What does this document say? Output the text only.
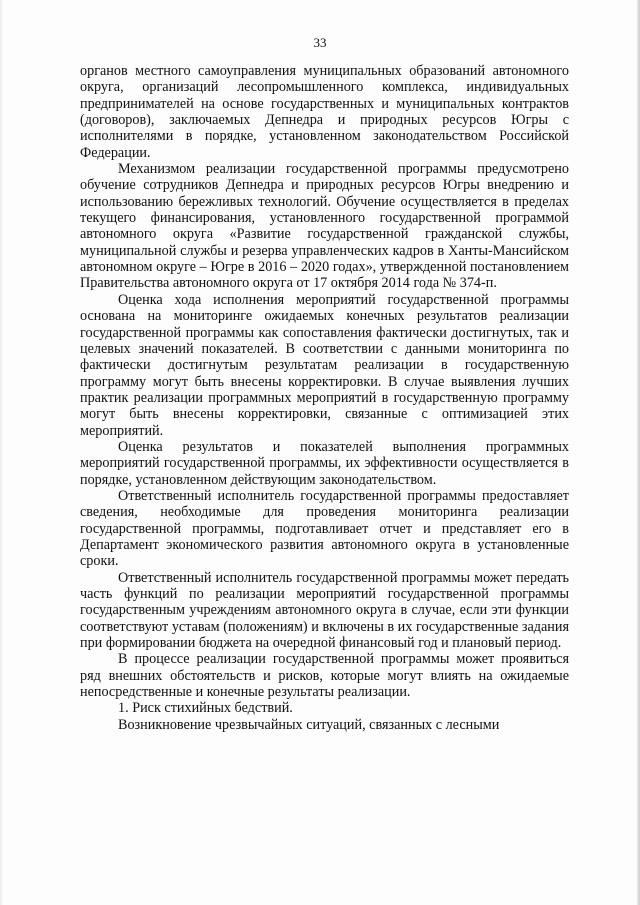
33

органов местного самоуправления муниципальных образований автономного округа, организаций лесопромышленного комплекса, индивидуальных предпринимателей на основе государственных и муниципальных контрактов (договоров), заключаемых Депнедра и природных ресурсов Югры с исполнителями в порядке, установленном законодательством Российской Федерации.

Механизмом реализации государственной программы предусмотрено обучение сотрудников Депнедра и природных ресурсов Югры внедрению и использованию бережливых технологий. Обучение осуществляется в пределах текущего финансирования, установленного государственной программой автономного округа «Развитие государственной гражданской службы, муниципальной службы и резерва управленческих кадров в Ханты-Мансийском автономном округе – Югре в 2016 – 2020 годах», утвержденной постановлением Правительства автономного округа от 17 октября 2014 года № 374-п.

Оценка хода исполнения мероприятий государственной программы основана на мониторинге ожидаемых конечных результатов реализации государственной программы как сопоставления фактически достигнутых, так и целевых значений показателей. В соответствии с данными мониторинга по фактически достигнутым результатам реализации в государственную программу могут быть внесены корректировки. В случае выявления лучших практик реализации программных мероприятий в государственную программу могут быть внесены корректировки, связанные с оптимизацией этих мероприятий.

Оценка результатов и показателей выполнения программных мероприятий государственной программы, их эффективности осуществляется в порядке, установленном действующим законодательством.

Ответственный исполнитель государственной программы предоставляет сведения, необходимые для проведения мониторинга реализации государственной программы, подготавливает отчет и представляет его в Департамент экономического развития автономного округа в установленные сроки.

Ответственный исполнитель государственной программы может передать часть функций по реализации мероприятий государственной программы государственным учреждениям автономного округа в случае, если эти функции соответствуют уставам (положениям) и включены в их государственные задания при формировании бюджета на очередной финансовый год и плановый период.

В процессе реализации государственной программы может проявиться ряд внешних обстоятельств и рисков, которые могут влиять на ожидаемые непосредственные и конечные результаты реализации.

1. Риск стихийных бедствий.

Возникновение чрезвычайных ситуаций, связанных с лесными
